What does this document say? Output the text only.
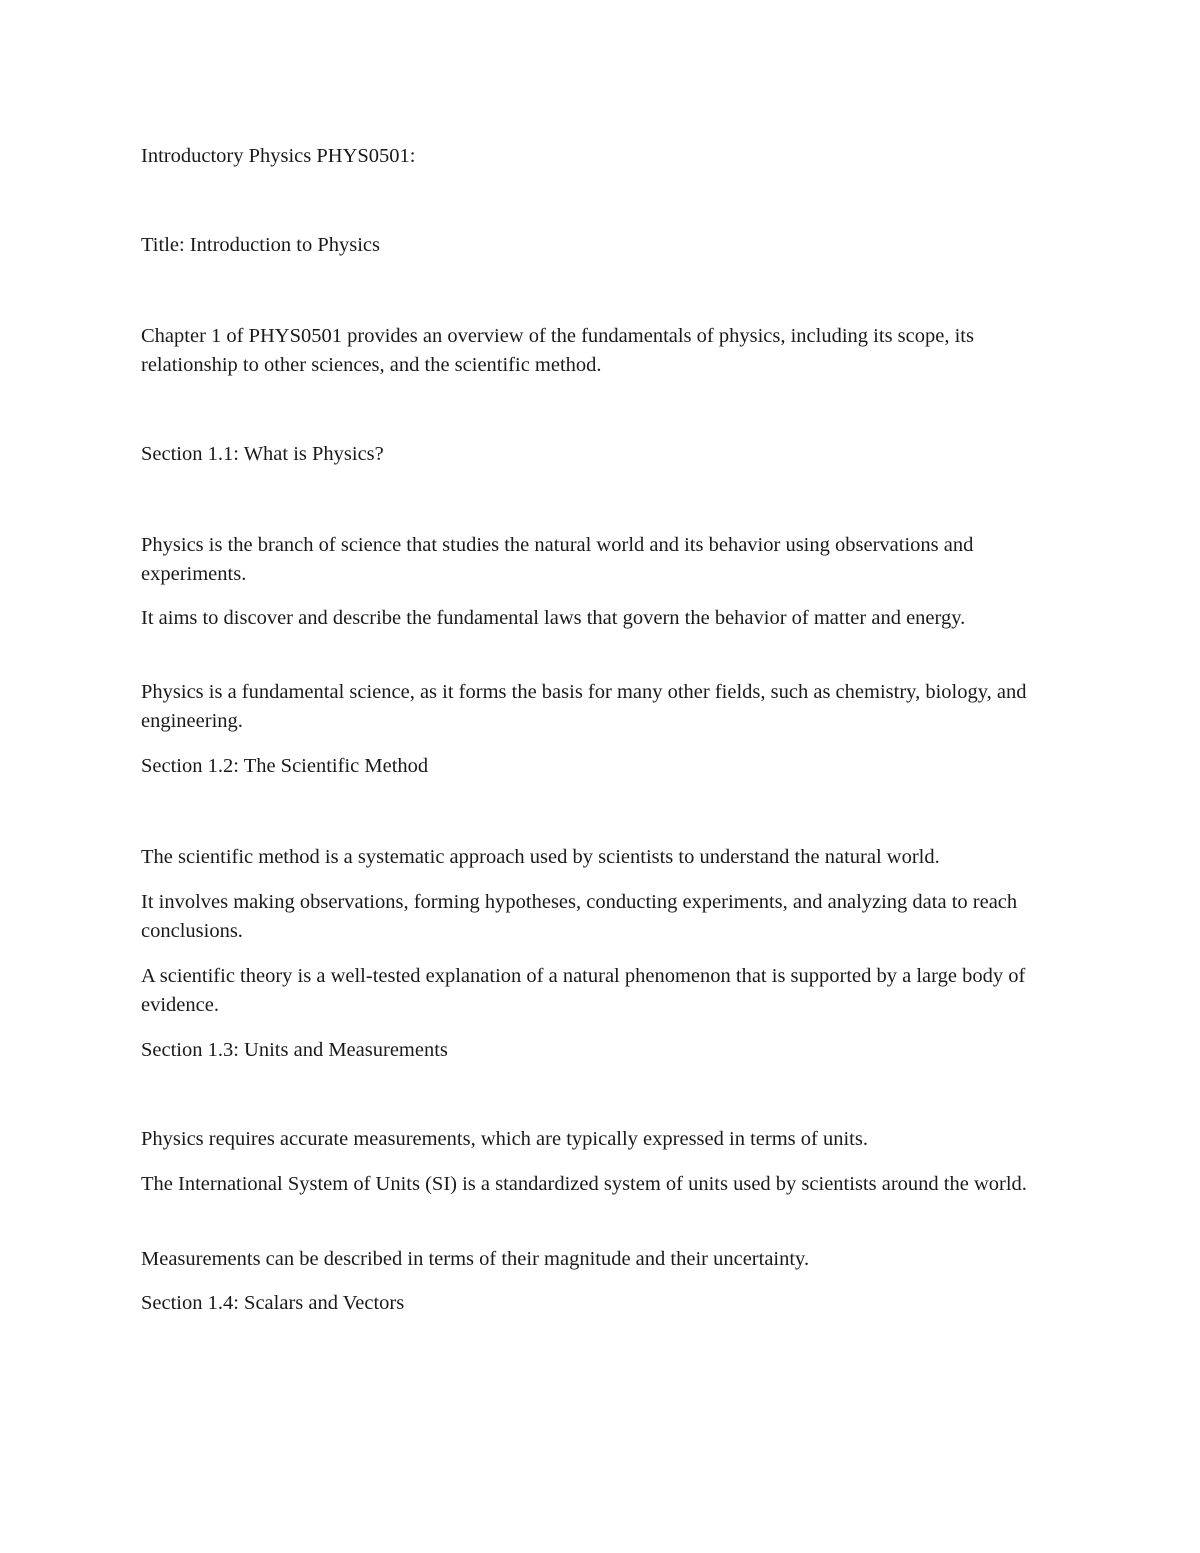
Introductory Physics PHYS0501:

Title: Introduction to Physics

Chapter 1 of PHYS0501 provides an overview of the fundamentals of physics, including its scope, its relationship to other sciences, and the scientific method.

Section 1.1: What is Physics?

Physics is the branch of science that studies the natural world and its behavior using observations and experiments.

It aims to discover and describe the fundamental laws that govern the behavior of matter and energy.

Physics is a fundamental science, as it forms the basis for many other fields, such as chemistry, biology, and engineering.

Section 1.2: The Scientific Method

The scientific method is a systematic approach used by scientists to understand the natural world.

It involves making observations, forming hypotheses, conducting experiments, and analyzing data to reach conclusions.

A scientific theory is a well-tested explanation of a natural phenomenon that is supported by a large body of evidence.

Section 1.3: Units and Measurements

Physics requires accurate measurements, which are typically expressed in terms of units.

The International System of Units (SI) is a standardized system of units used by scientists around the world.

Measurements can be described in terms of their magnitude and their uncertainty.

Section 1.4: Scalars and Vectors
